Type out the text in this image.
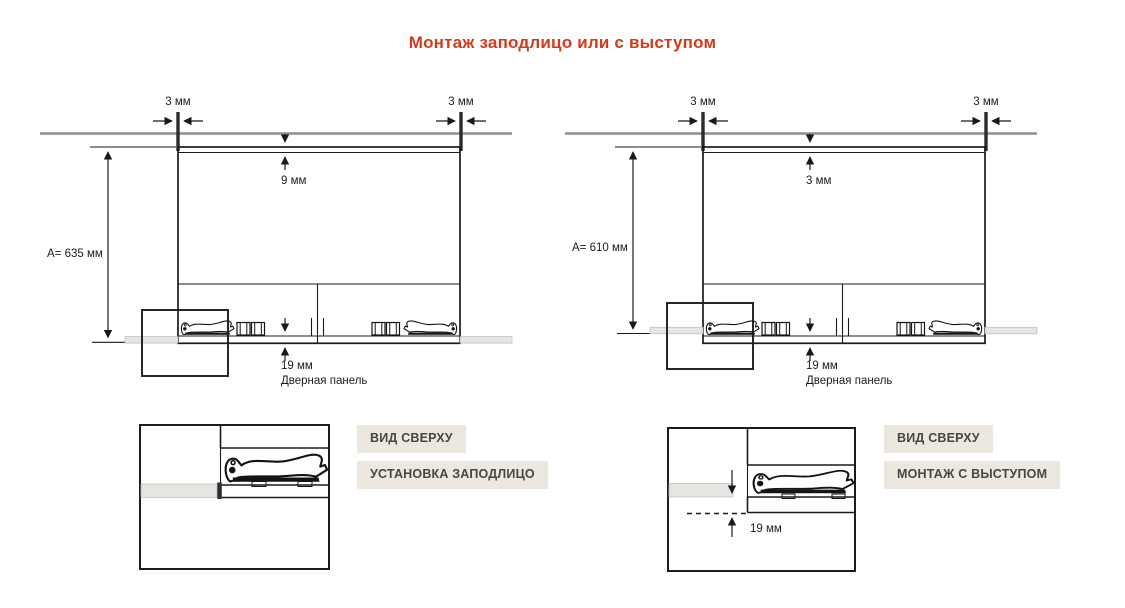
Монтаж заподлицо или с выступом
3 мм	3 мм
A= 635 мм
9 мм
19 мм
Дверная панель
3 мм	3 мм
A= 610 мм
3 мм
19 мм
Дверная панель
19 мм
ВИД СВЕРХУ
УСТАНОВКА ЗАПОДЛИЦО
ВИД СВЕРХУ
МОНТАЖ С ВЫСТУПОМ
